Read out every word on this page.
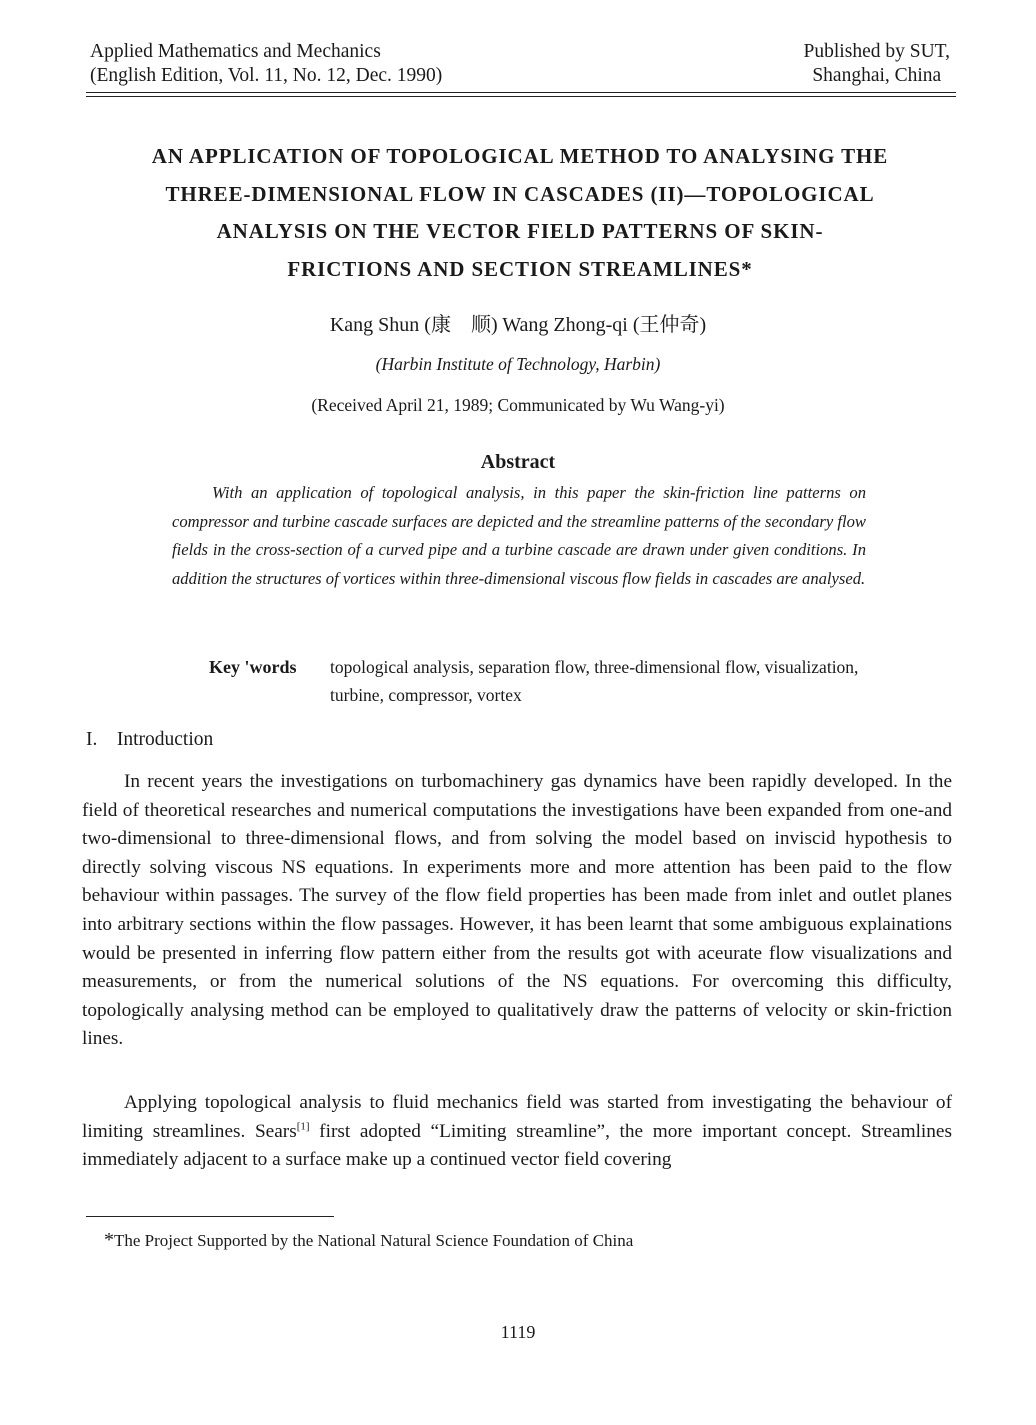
Applied Mathematics and Mechanics
(English Edition, Vol. 11, No. 12, Dec. 1990)
Published by SUT,
Shanghai, China
AN APPLICATION OF TOPOLOGICAL METHOD TO ANALYSING THE
THREE-DIMENSIONAL FLOW IN CASCADES (II)—TOPOLOGICAL
ANALYSIS ON THE VECTOR FIELD PATTERNS OF SKIN-
FRICTIONS AND SECTION STREAMLINES*
Kang Shun (康　顺) Wang Zhong-qi (王仲奇)
(Harbin Institute of Technology, Harbin)
(Received April 21, 1989; Communicated by Wu Wang-yi)
Abstract
With an application of topological analysis, in this paper the skin-friction line patterns on compressor and turbine cascade surfaces are depicted and the streamline patterns of the secondary flow fields in the cross-section of a curved pipe and a turbine cascade are drawn under given conditions. In addition the structures of vortices within three-dimensional viscous flow fields in cascades are analysed.
Key 'words topological analysis, separation flow, three-dimensional flow, visualization, turbine, compressor, vortex
I. Introduction
In recent years the investigations on turbomachinery gas dynamics have been rapidly developed. In the field of theoretical researches and numerical computations the investigations have been expanded from one-and two-dimensional to three-dimensional flows, and from solving the model based on inviscid hypothesis to directly solving viscous NS equations. In experiments more and more attention has been paid to the flow behaviour within passages. The survey of the flow field properties has been made from inlet and outlet planes into arbitrary sections within the flow passages. However, it has been learnt that some ambiguous explainations would be presented in inferring flow pattern either from the results got with aceurate flow visualizations and measurements, or from the numerical solutions of the NS equations. For overcoming this difficulty, topologically analysing method can be employed to qualitatively draw the patterns of velocity or skin-friction lines.
Applying topological analysis to fluid mechanics field was started from investigating the behaviour of limiting streamlines. Sears[1] first adopted “Limiting streamline”, the more important concept. Streamlines immediately adjacent to a surface make up a continued vector field covering
*The Project Supported by the National Natural Science Foundation of China
1119
